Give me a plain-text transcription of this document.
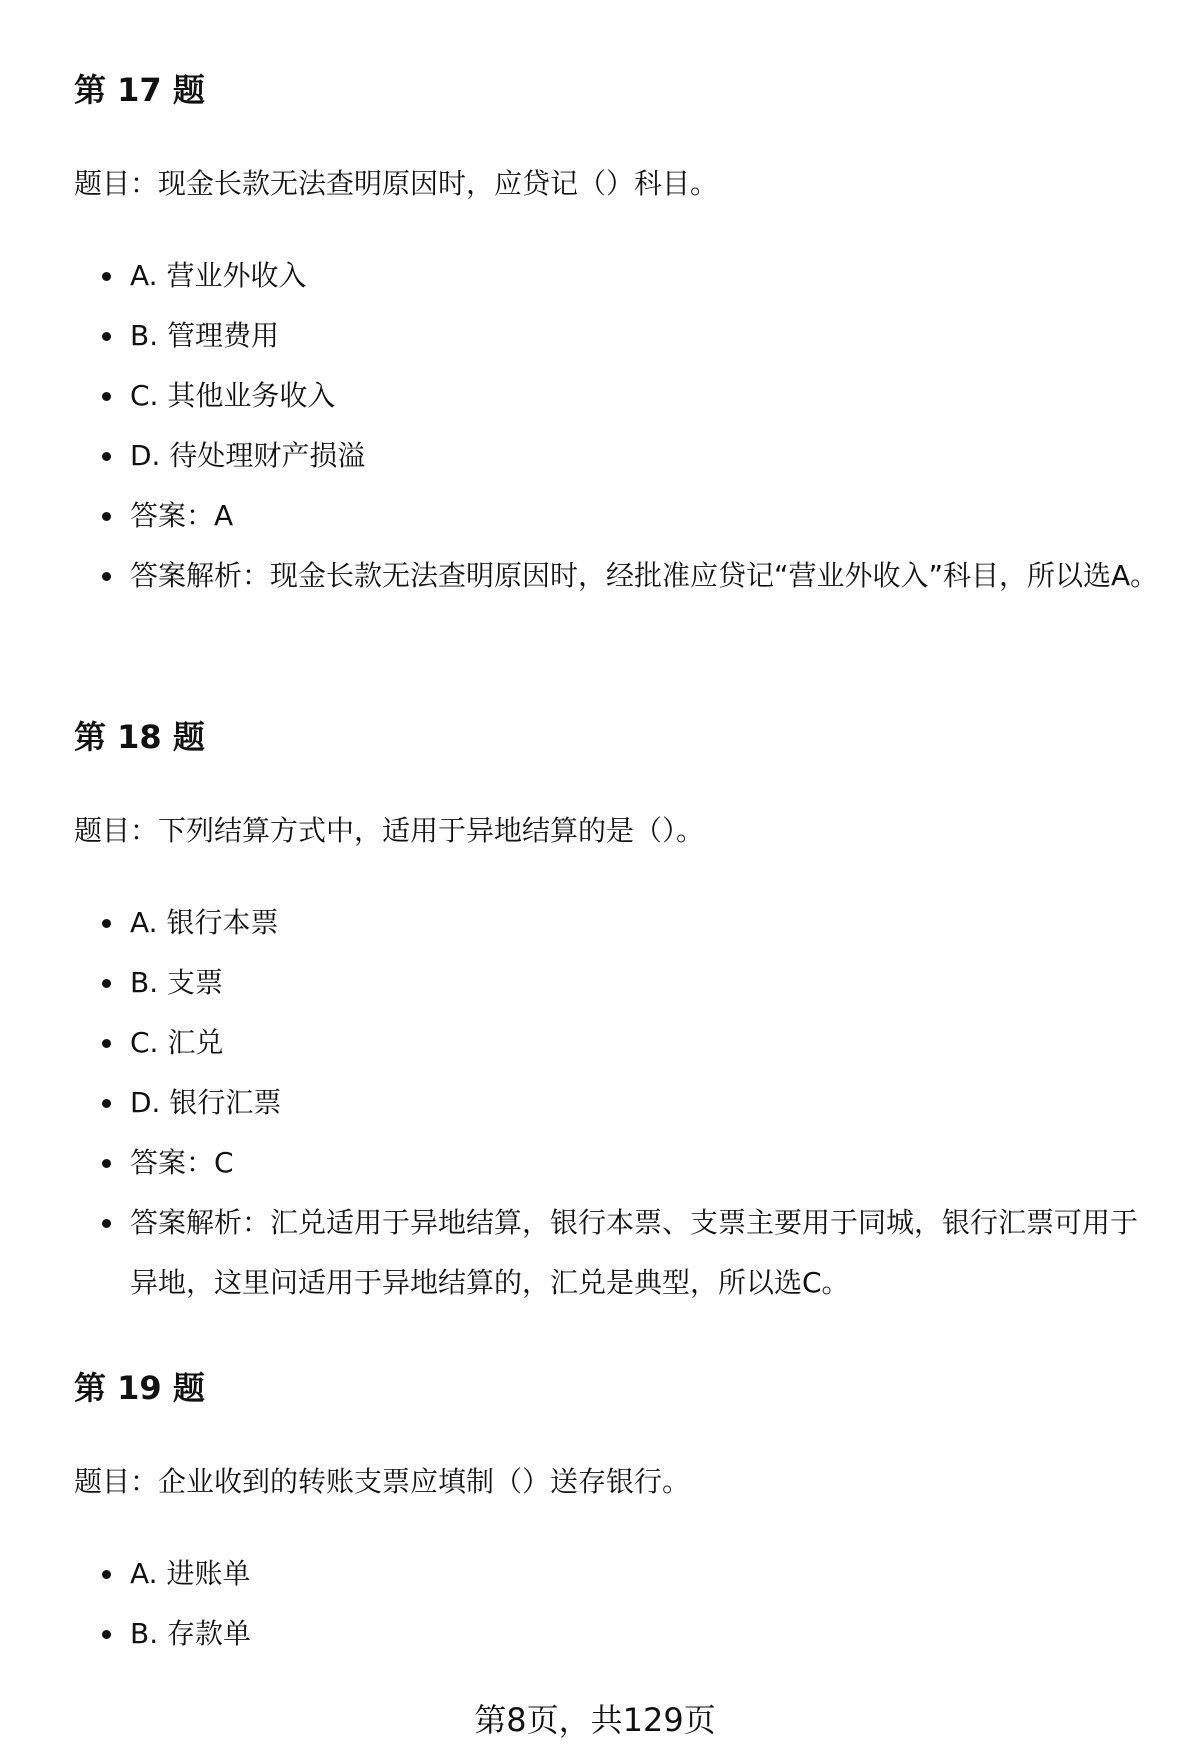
第 17 题

题目：现金长款无法查明原因时，应贷记（）科目。

A. 营业外收入
B. 管理费用
C. 其他业务收入
D. 待处理财产损溢
答案：A
答案解析：现金长款无法查明原因时，经批准应贷记“营业外收入”科目，所以选A。
第 18 题

题目：下列结算方式中，适用于异地结算的是（）。

A. 银行本票
B. 支票
C. 汇兑
D. 银行汇票
答案：C
答案解析：汇兑适用于异地结算，银行本票、支票主要用于同城，银行汇票可用于异地，这里问适用于异地结算的，汇兑是典型，所以选C。
第 19 题

题目：企业收到的转账支票应填制（）送存银行。

A. 进账单
B. 存款单
第8页，共129页
